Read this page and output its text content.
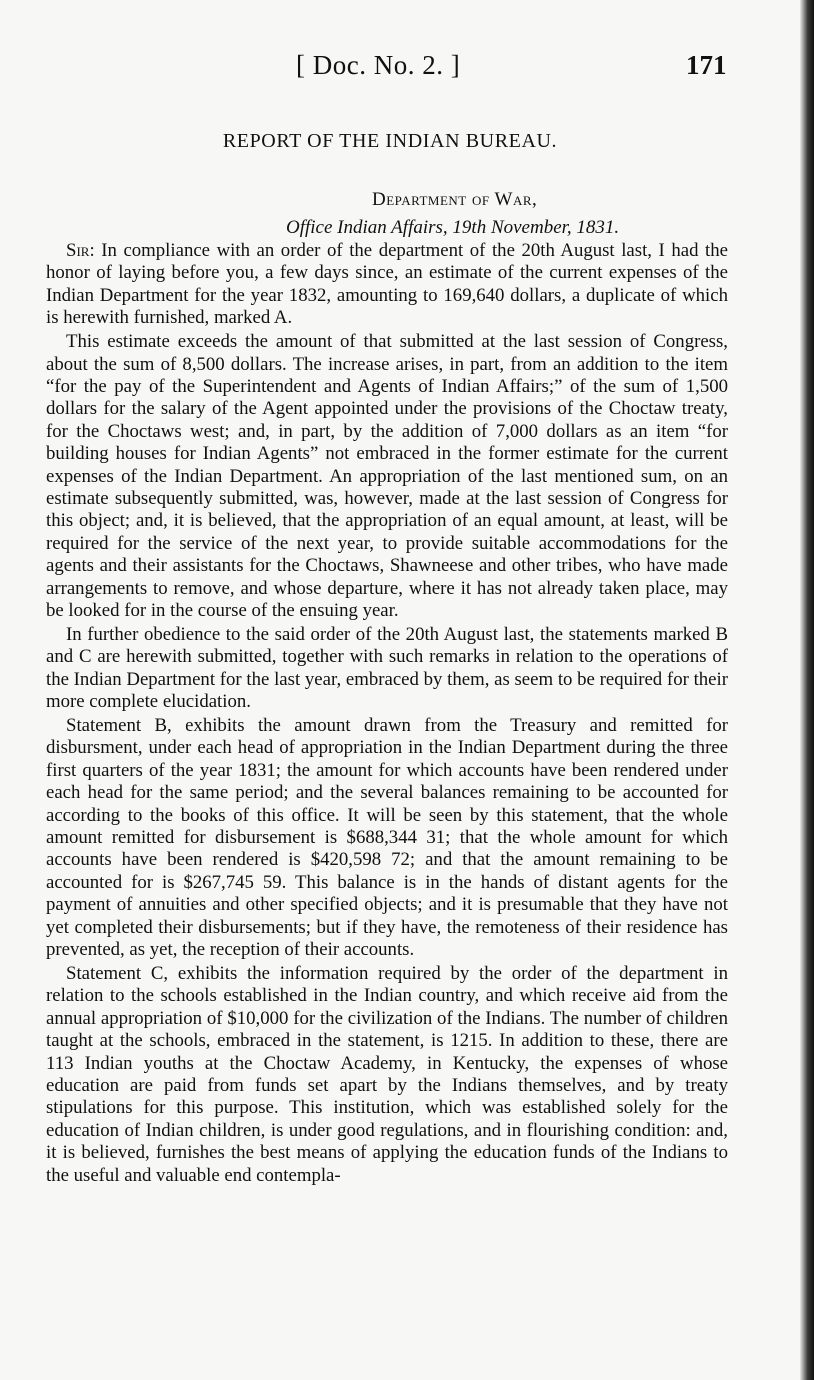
[ Doc. No. 2. ]	171
REPORT OF THE INDIAN BUREAU.
Department of War,
Office Indian Affairs, 19th November, 1831.

Sir: In compliance with an order of the department of the 20th August last, I had the honor of laying before you, a few days since, an estimate of the current expenses of the Indian Department for the year 1832, amounting to 169,640 dollars, a duplicate of which is herewith furnished, marked A.

This estimate exceeds the amount of that submitted at the last session of Congress, about the sum of 8,500 dollars. The increase arises, in part, from an addition to the item “for the pay of the Superintendent and Agents of Indian Affairs;” of the sum of 1,500 dollars for the salary of the Agent appointed under the provisions of the Choctaw treaty, for the Choctaws west; and, in part, by the addition of 7,000 dollars as an item “for building houses for Indian Agents” not embraced in the former estimate for the current expenses of the Indian Department. An appropriation of the last mentioned sum, on an estimate subsequently submitted, was, however, made at the last session of Congress for this object; and, it is believed, that the appropriation of an equal amount, at least, will be required for the service of the next year, to provide suitable accommodations for the agents and their assistants for the Choctaws, Shawneese and other tribes, who have made arrangements to remove, and whose departure, where it has not already taken place, may be looked for in the course of the ensuing year.

In further obedience to the said order of the 20th August last, the statements marked B and C are herewith submitted, together with such remarks in relation to the operations of the Indian Department for the last year, embraced by them, as seem to be required for their more complete elucidation.

Statement B, exhibits the amount drawn from the Treasury and remitted for disbursment, under each head of appropriation in the Indian Department during the three first quarters of the year 1831; the amount for which accounts have been rendered under each head for the same period; and the several balances remaining to be accounted for according to the books of this office. It will be seen by this statement, that the whole amount remitted for disbursement is $688,344 31; that the whole amount for which accounts have been rendered is $420,598 72; and that the amount remaining to be accounted for is $267,745 59. This balance is in the hands of distant agents for the payment of annuities and other specified objects; and it is presumable that they have not yet completed their disbursements; but if they have, the remoteness of their residence has prevented, as yet, the reception of their accounts.

Statement C, exhibits the information required by the order of the department in relation to the schools established in the Indian country, and which receive aid from the annual appropriation of $10,000 for the civilization of the Indians. The number of children taught at the schools, embraced in the statement, is 1215. In addition to these, there are 113 Indian youths at the Choctaw Academy, in Kentucky, the expenses of whose education are paid from funds set apart by the Indians themselves, and by treaty stipulations for this purpose. This institution, which was established solely for the education of Indian children, is under good regulations, and in flourishing condition: and, it is believed, furnishes the best means of applying the education funds of the Indians to the useful and valuable end contempla-
